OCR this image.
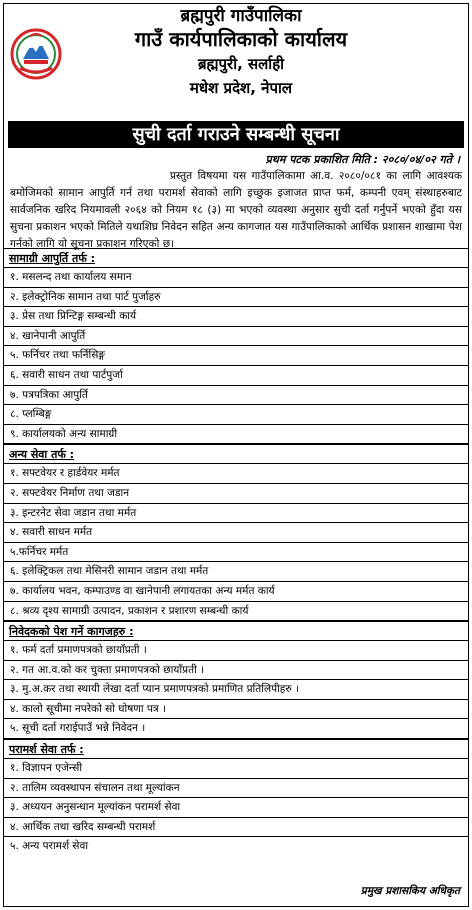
ब्रह्मपुरी गाउँपालिका
गाउँ कार्यपालिकाको कार्यालय
ब्रह्मपुरी, सर्लाही
मधेश प्रदेश, नेपाल
सुची दर्ता गराउने सम्बन्धी सूचना
प्रथम पटक प्रकाशित मिति : २०८०/०४/०२ गते ।
प्रस्तुत विषयमा यस गाउँपालिकामा आ.व. २०८०/०८१ का लागि आवश्यक बमोजिमको सामान आपुर्ति गर्न तथा परामर्श सेवाको लागि इच्छुक इजाजत प्राप्त फर्म, कम्पनी एवम् संस्थाहरुबाट सार्वजनिक खरिद नियमावली २०६४ को नियम १८ (३) मा भएको व्यवस्था अनुसार सुची दर्ता गर्नुपर्ने भएको हुँदा यस सुचना प्रकाशन भएको मितिले यथाशिघ्र निवेदन सहित अन्य कागजात यस गाउँपालिकाको आर्थिक प्रशासन शाखामा पेश गर्नको लागि यो सूचना प्रकाशन गरिएको छ।
सामाग्री आपुर्ति तर्फ :
१. मसलन्द तथा कार्यालय समान
२. इलेक्ट्रोनिक सामान तथा पार्ट पुर्जाहरु
३. प्रेस तथा प्रिन्टिङ्ग सम्बन्धी कार्य
४. खानेपानी आपुर्ति
५. फर्निचर तथा फर्निसिङ्ग
६. सवारी साधन तथा पार्टपुर्जा
७. पत्रपत्रिका आपुर्ति
८. प्लम्बिङ्ग
९. कार्यालयको अन्य सामाग्री
अन्य सेवा तर्फ :
१. सफ्टवेयर र हार्डवेयर मर्मत
२. सफ्टवेयर निर्माण तथा जडान
३. इन्टरनेट सेवा जडान तथा मर्मत
४. सवारी साधन मर्मत
५.फर्निचर मर्मत
६. इलेक्ट्रिकल तथा मेसिनरी सामान जडान तथा मर्मत
७. कार्यालय भवन, कम्पाउण्ड वा खानेपानी लगायतका अन्य मर्मत कार्य
८. श्रव्य दृश्य सामाग्री उत्पादन, प्रकाशन र प्रशारण सम्बन्धी कार्य
निवेदकको पेश गर्ने कागजहरु :
१. फर्म दर्ता प्रमाणपत्रको छायाँप्रती ।
२. गत आ.व.को कर चुक्ता प्रमाणपत्रको छायाँप्रती ।
३. मु.अ.कर तथा स्थायी लेखा दर्ता प्यान प्रमाणपत्रको प्रमाणित प्रतिलिपीहरु ।
४. कालो सूचीमा नपरेको सो घोषणा पत्र ।
५. सूची दर्ता गराईपाउँ भन्ने निवेदन ।
परामर्श सेवा तर्फ :
१. विज्ञापन एजेन्सी
२. तालिम व्यवस्थापन संचालन तथा मूल्यांकन
३. अध्ययन अनुसन्धान मूल्यांकन परामर्श सेवा
४. आर्थिक तथा खरिद सम्बन्धी परामर्श
५. अन्य परामर्श सेवा
प्रमुख प्रशासकिय अधिकृत
